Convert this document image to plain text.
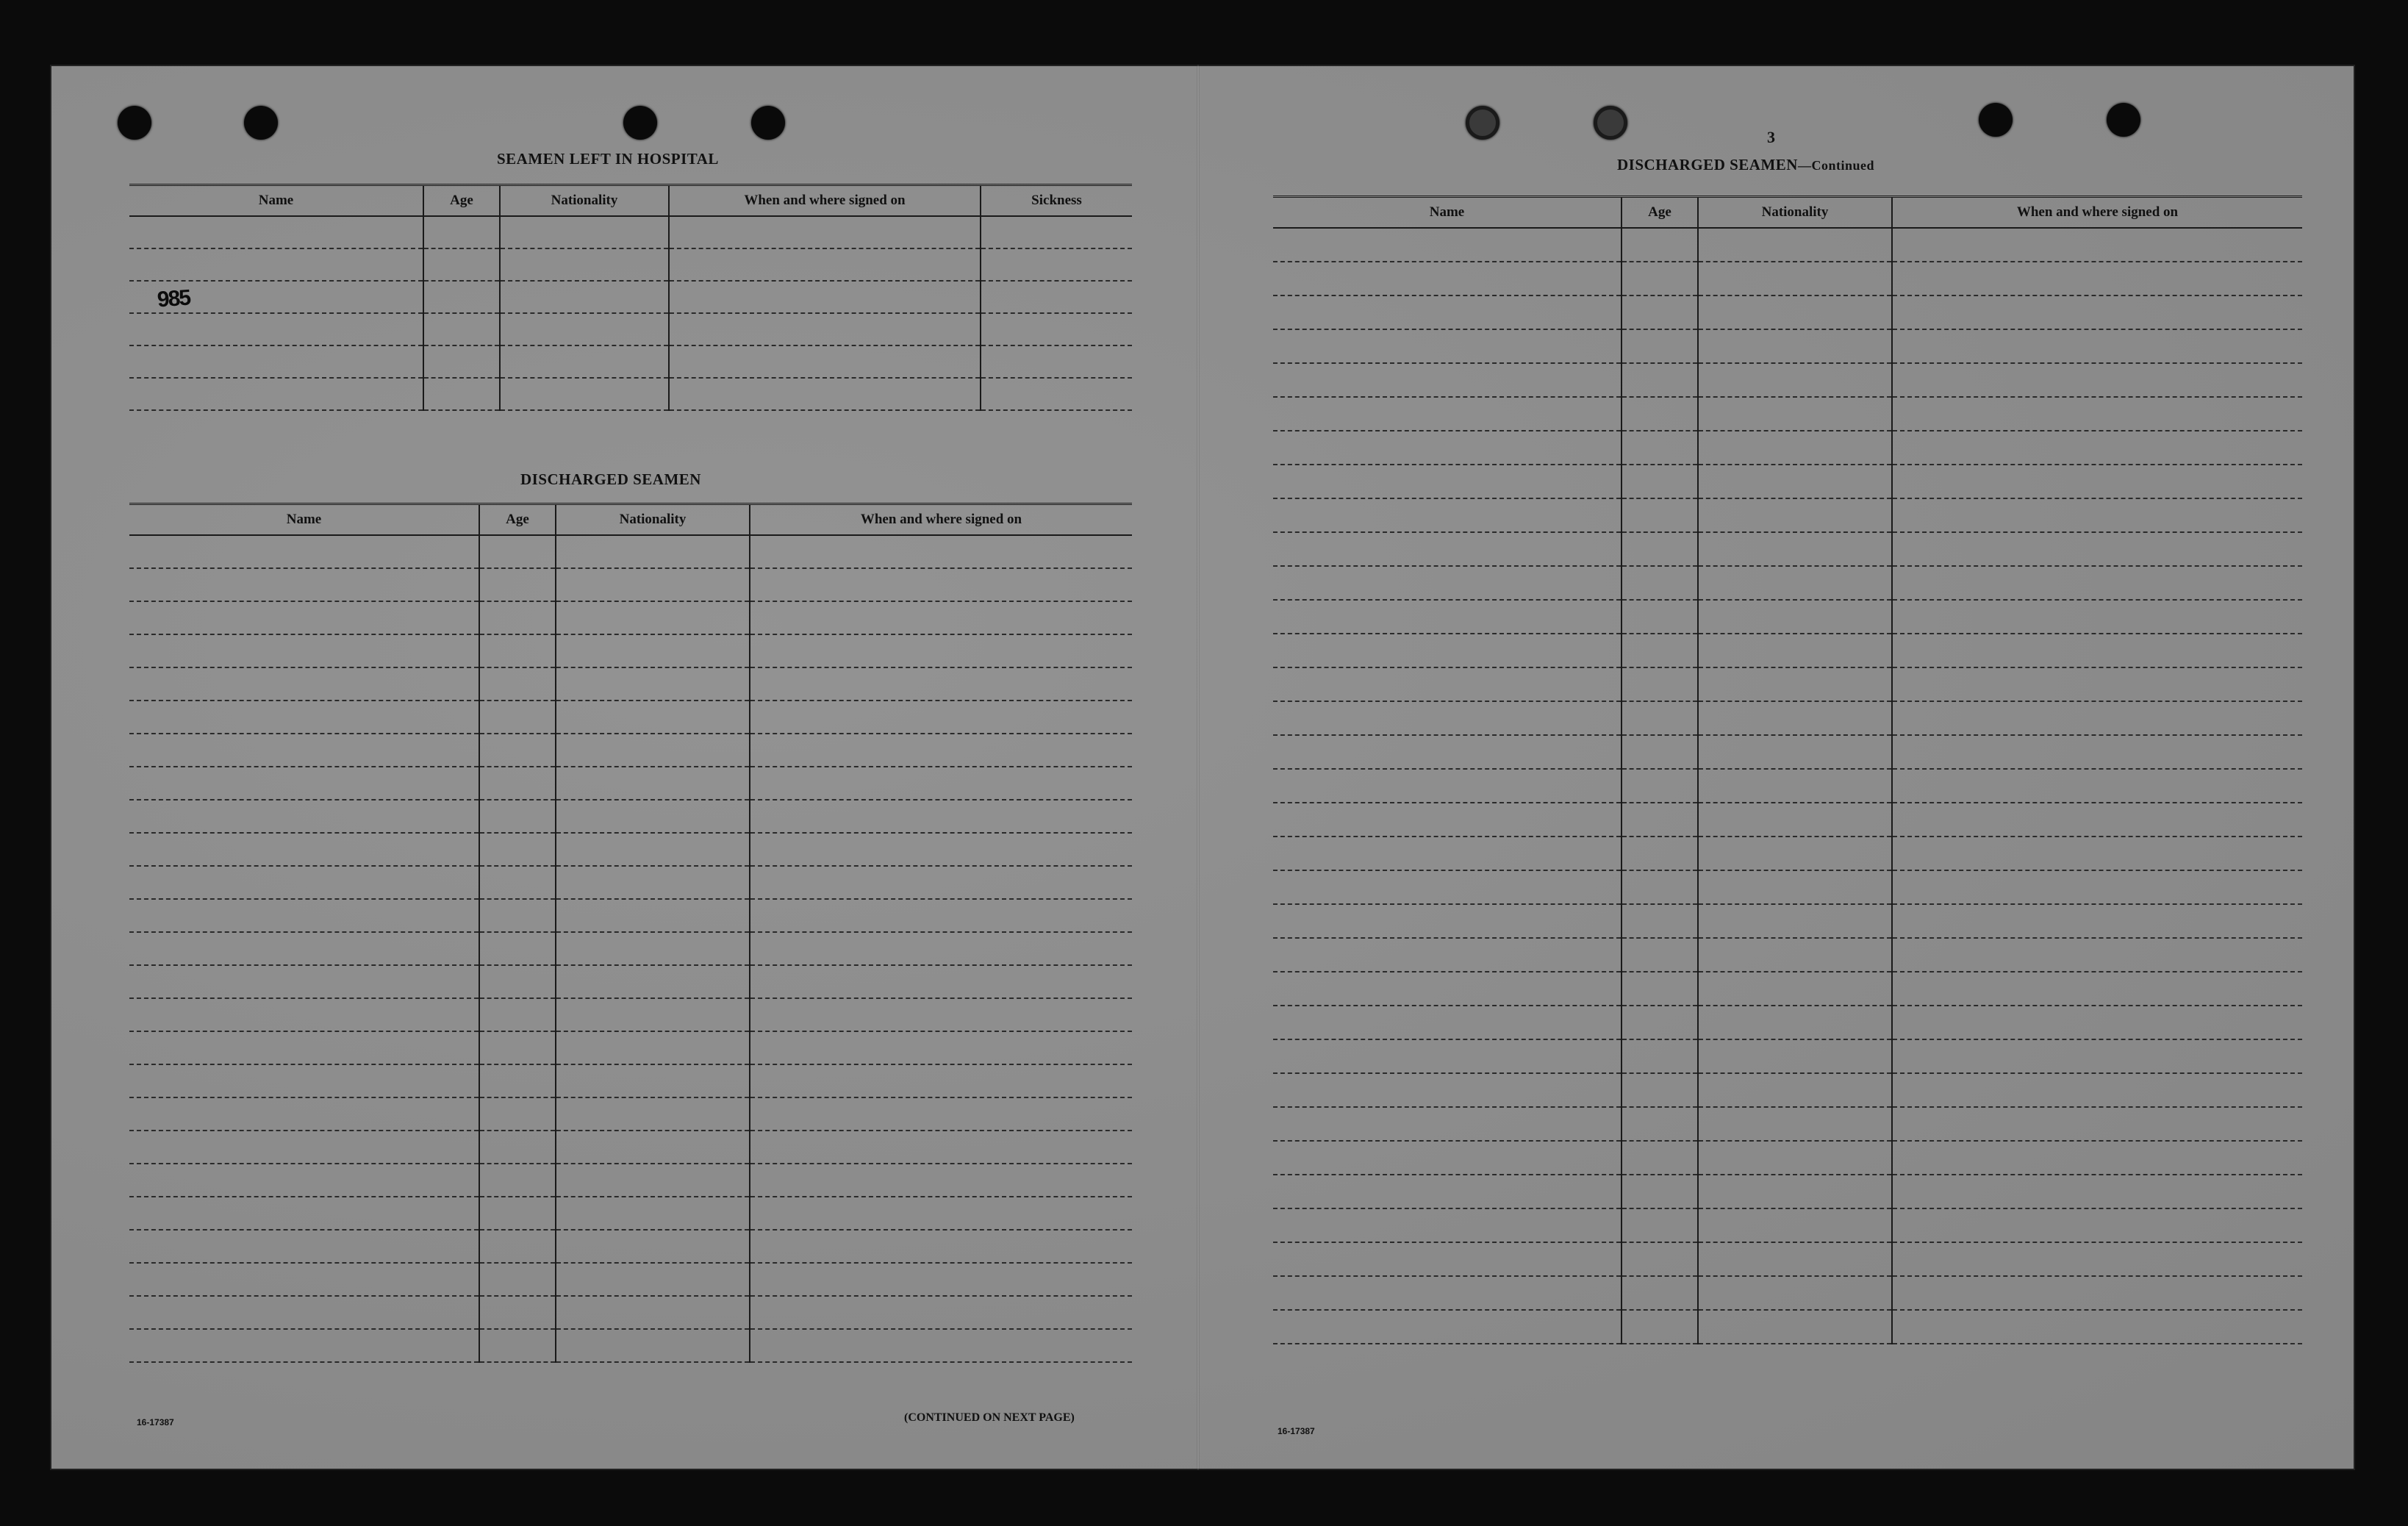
SEAMEN LEFT IN HOSPITAL
985
Name	Age	Nationality	When and where signed on	Sickness

DISCHARGED SEAMEN
Name	Age	Nationality	When and where signed on

16-17387	(CONTINUED ON NEXT PAGE)
3
DISCHARGED SEAMEN—Continued
Name	Age	Nationality	When and where signed on

16-17387
